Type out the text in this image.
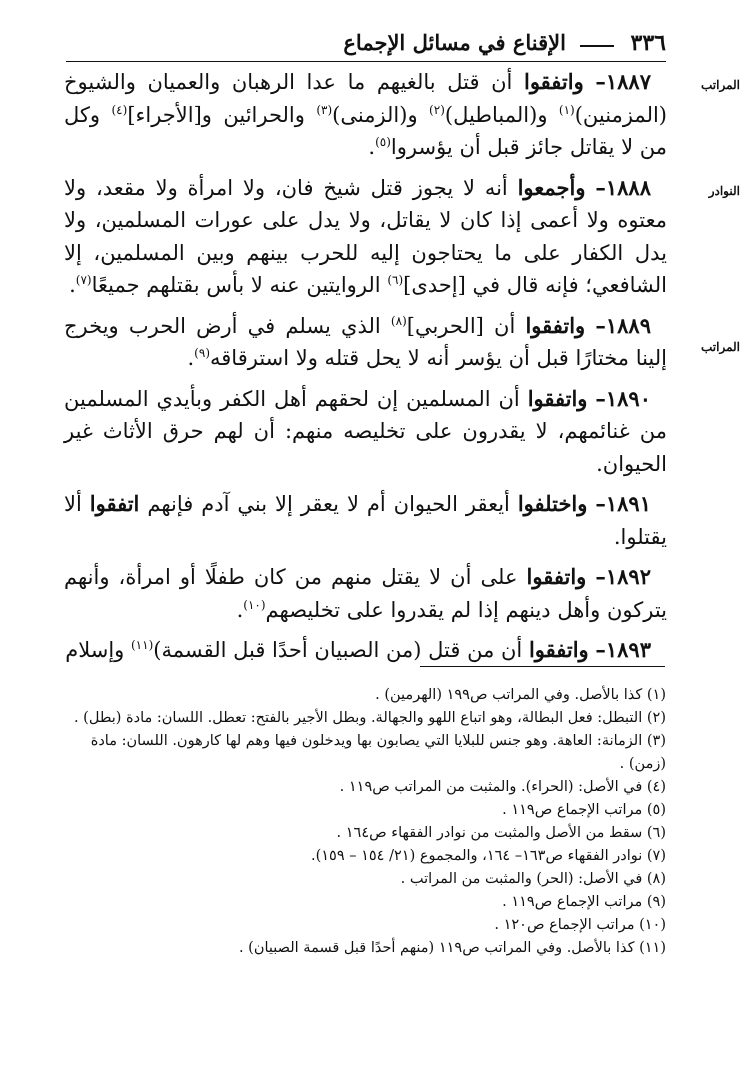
٣٣٦
الإقناع في مسائل الإجماع
المراتب
النوادر
المراتب

١٨٨٧– واتفقوا أن قتل بالغيهم ما عدا الرهبان والعميان والشيوخ (المزمنين)$^{(١)}$ و(المباطيل)$^{(٢)}$ و(الزمنى)$^{(٣)}$ والحرائين و[الأجراء]$^{(٤)}$ وكل من لا يقاتل جائز قبل أن يؤسروا$^{(٥)}$.

١٨٨٨– وأجمعوا أنه لا يجوز قتل شيخ فان، ولا امرأة ولا مقعد، ولا معتوه ولا أعمى إذا كان لا يقاتل، ولا يدل على عورات المسلمين، ولا يدل الكفار على ما يحتاجون إليه للحرب بينهم وبين المسلمين، إلا الشافعي؛ فإنه قال في [إحدى]$^{(٦)}$ الروايتين عنه لا بأس بقتلهم جميعًا$^{(٧)}$.

١٨٨٩– واتفقوا أن [الحربي]$^{(٨)}$ الذي يسلم في أرض الحرب ويخرج إلينا مختارًا قبل أن يؤسر أنه لا يحل قتله ولا استرقاقه$^{(٩)}$.

١٨٩٠– واتفقوا أن المسلمين إن لحقهم أهل الكفر وبأيدي المسلمين من غنائمهم، لا يقدرون على تخليصه منهم: أن لهم حرق الأثاث غير الحيوان.

١٨٩١– واختلفوا أيعقر الحيوان أم لا يعقر إلا بني آدم فإنهم اتفقوا ألا يقتلوا.

١٨٩٢– واتفقوا على أن لا يقتل منهم من كان طفلًا أو امرأة، وأنهم يتركون وأهل دينهم إذا لم يقدروا على تخليصهم$^{(١٠)}$.

١٨٩٣– واتفقوا أن من قتل (من الصبيان أحدًا قبل القسمة)$^{(١١)}$ وإسلام

(١) كذا بالأصل. وفي المراتب ص١٩٩ (الهرمين) .

(٢) التبطل: فعل البطالة، وهو اتباع اللهو والجهالة. وبطل الأجير بالفتح: تعطل. اللسان: مادة (بطل) .

(٣) الزمانة: العاهة. وهو جنس للبلايا التي يصابون بها ويدخلون فيها وهم لها كارهون. اللسان: مادة (زمن) .

(٤) في الأصل: (الحراء). والمثبت من المراتب ص١١٩ .

(٥) مراتب الإجماع ص١١٩ .

(٦) سقط من الأصل والمثبت من نوادر الفقهاء ص١٦٤ .

(٧) نوادر الفقهاء ص١٦٣– ١٦٤، والمجموع (٢١/ ١٥٤ – ١٥٩).

(٨) في الأصل: (الحر) والمثبت من المراتب .

(٩) مراتب الإجماع ص١١٩ .

(١٠) مراتب الإجماع ص١٢٠ .

(١١) كذا بالأصل. وفي المراتب ص١١٩ (منهم أحدًا قبل قسمة الصبيان) .
